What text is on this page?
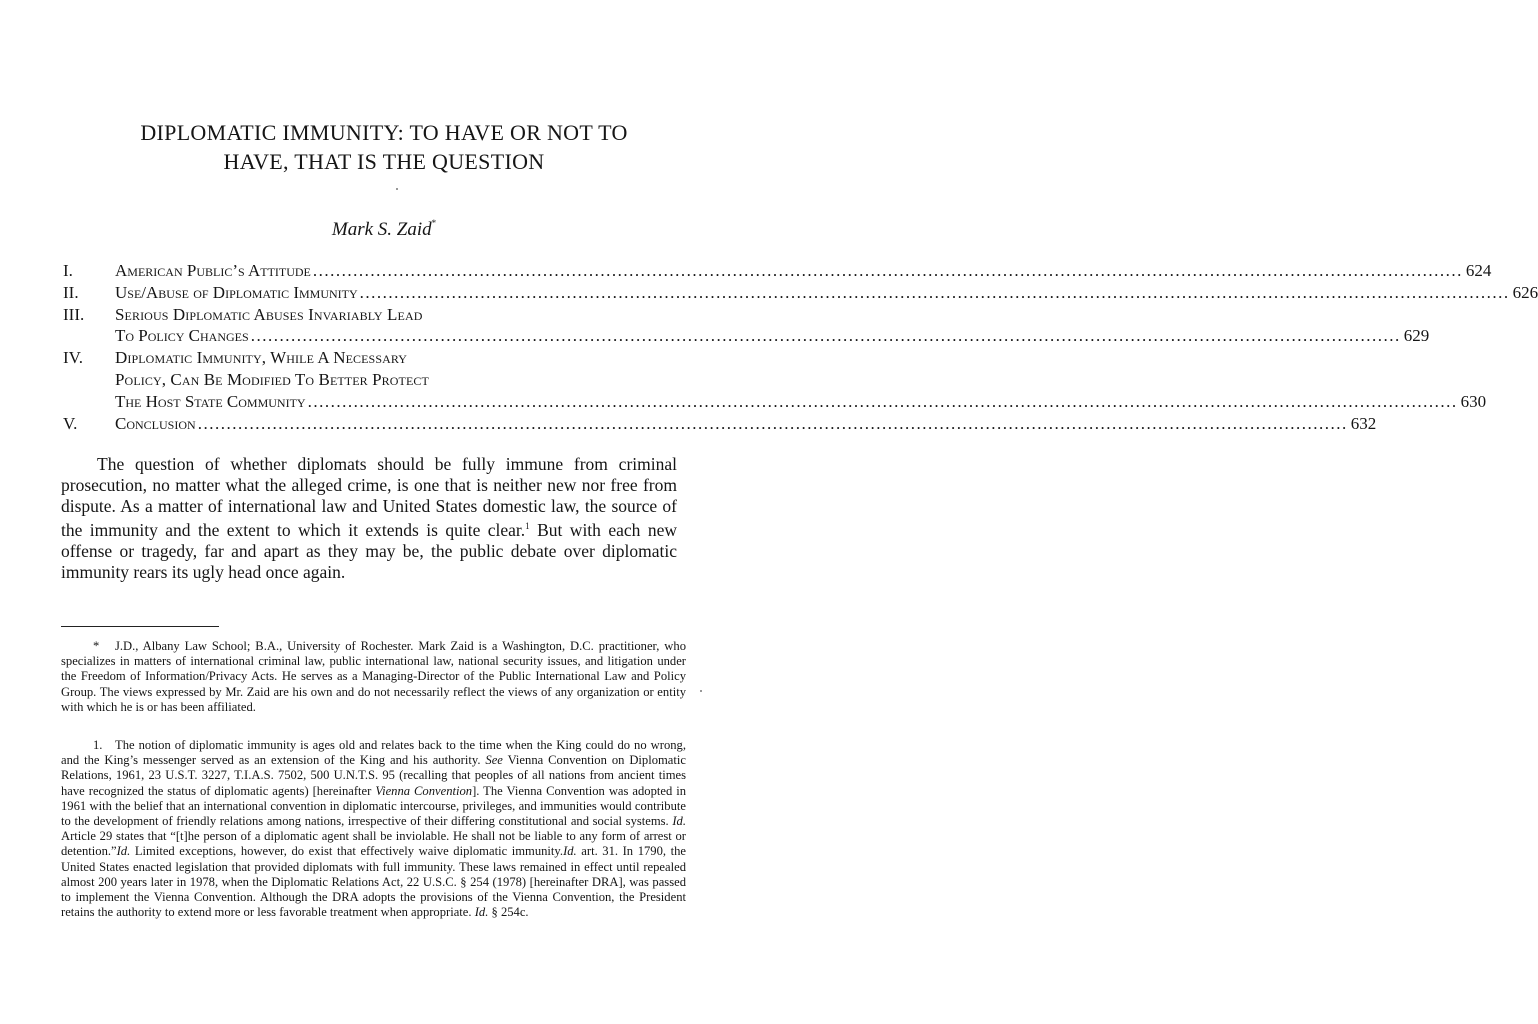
DIPLOMATIC IMMUNITY: TO HAVE OR NOT TO
HAVE, THAT IS THE QUESTION
Mark S. Zaid*
I. American Public’s Attitude ........................................................................................................................................................................................................ 624
II. Use/Abuse of Diplomatic Immunity ........................................................................................................................................................................................................ 626
III. Serious Diplomatic Abuses Invariably Lead
To Policy Changes ........................................................................................................................................................................................................ 629
IV. Diplomatic Immunity, While A Necessary
Policy, Can Be Modified To Better Protect
The Host State Community ........................................................................................................................................................................................................ 630
V. Conclusion ........................................................................................................................................................................................................ 632

The question of whether diplomats should be fully immune from criminal prosecution, no matter what the alleged crime, is one that is neither new nor free from dispute. As a matter of international law and United States domestic law, the source of the immunity and the extent to which it extends is quite clear.$^1$ But with each new offense or tragedy, far and apart as they may be, the public debate over diplomatic immunity rears its ugly head once again.

* J.D., Albany Law School; B.A., University of Rochester. Mark Zaid is a Washington, D.C. practitioner, who specializes in matters of international criminal law, public international law, national security issues, and litigation under the Freedom of Information/Privacy Acts. He serves as a Managing-Director of the Public International Law and Policy Group. The views expressed by Mr. Zaid are his own and do not necessarily reflect the views of any organization or entity with which he is or has been affiliated.

1. The notion of diplomatic immunity is ages old and relates back to the time when the King could do no wrong, and the King’s messenger served as an extension of the King and his authority. See Vienna Convention on Diplomatic Relations, 1961, 23 U.S.T. 3227, T.I.A.S. 7502, 500 U.N.T.S. 95 (recalling that peoples of all nations from ancient times have recognized the status of diplomatic agents) [hereinafter Vienna Convention]. The Vienna Convention was adopted in 1961 with the belief that an international convention in diplomatic intercourse, privileges, and immunities would contribute to the development of friendly relations among nations, irrespective of their differing constitutional and social systems. Id. Article 29 states that “[t]he person of a diplomatic agent shall be inviolable. He shall not be liable to any form of arrest or detention.”Id. Limited exceptions, however, do exist that effectively waive diplomatic immunity.Id. art. 31. In 1790, the United States enacted legislation that provided diplomats with full immunity. These laws remained in effect until repealed almost 200 years later in 1978, when the Diplomatic Relations Act, 22 U.S.C. § 254 (1978) [hereinafter DRA], was passed to implement the Vienna Convention. Although the DRA adopts the provisions of the Vienna Convention, the President retains the authority to extend more or less favorable treatment when appropriate. Id. § 254c.
